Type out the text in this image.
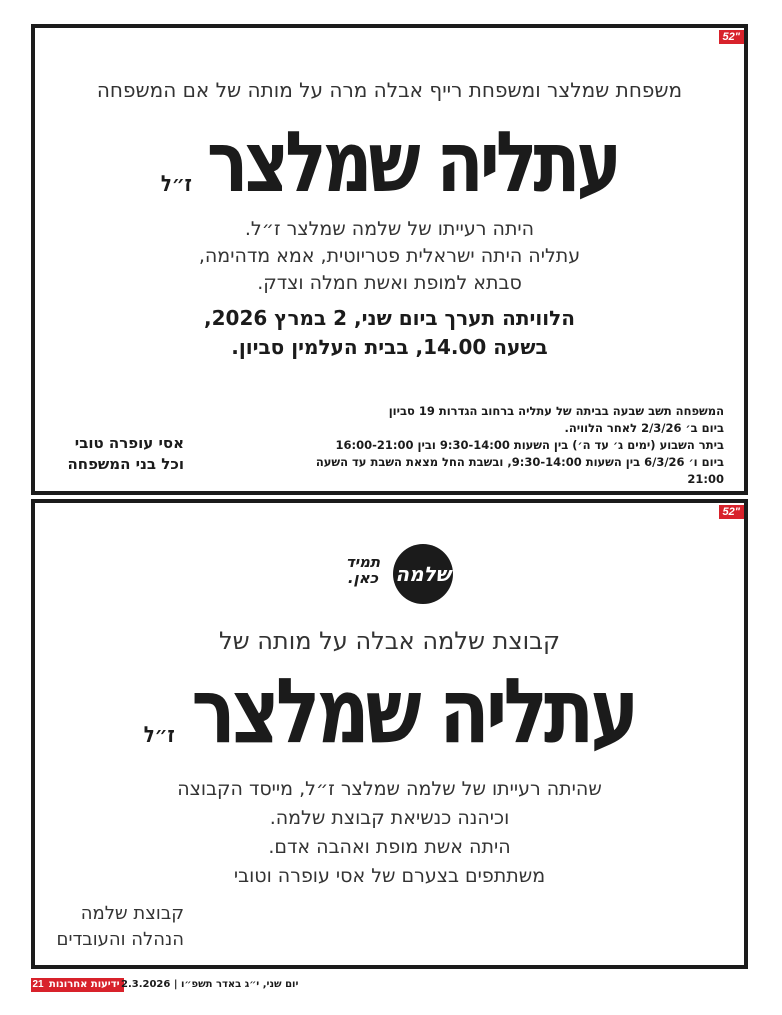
52"
משפחת שמלצר ומשפחת רייף אבלה מרה על מותה של אם המשפחה
עתליה שמלצר ז״ל
היתה רעייתו של שלמה שמלצר ז״ל.
עתליה היתה ישראלית פטריוטית, אמא מדהימה,
סבתא למופת ואשת חמלה וצדק.
הלוויתה תערך ביום שני, 2 במרץ 2026,
בשעה 14.00, בבית העלמין סביון.
המשפחה תשב שבעה בביתה של עתליה ברחוב הגדרות 19 סביון
ביום ב׳ 2/3/26 לאחר הלוויה.
ביתר השבוע (ימים ג׳ עד ה׳) בין השעות 9:30-14:00 ובין 16:00-21:00
ביום ו׳ 6/3/26 בין השעות 9:30-14:00, ובשבת החל מצאת השבת עד השעה 21:00
אסי עופרה טובי
וכל בני המשפחה
52"
שלמה
תמיד
כאן.
קבוצת שלמה אבלה על מותה של
עתליה שמלצר ז״ל
שהיתה רעייתו של שלמה שמלצר ז״ל, מייסד הקבוצה
וכיהנה כנשיאת קבוצת שלמה.
היתה אשת מופת ואהבה אדם.
משתתפים בצערם של אסי עופרה וטובי
קבוצת שלמה
הנהלה והעובדים
21 ידיעות אחרונות יום שני, י״ג באדר תשפ״ו | 2.3.2026
